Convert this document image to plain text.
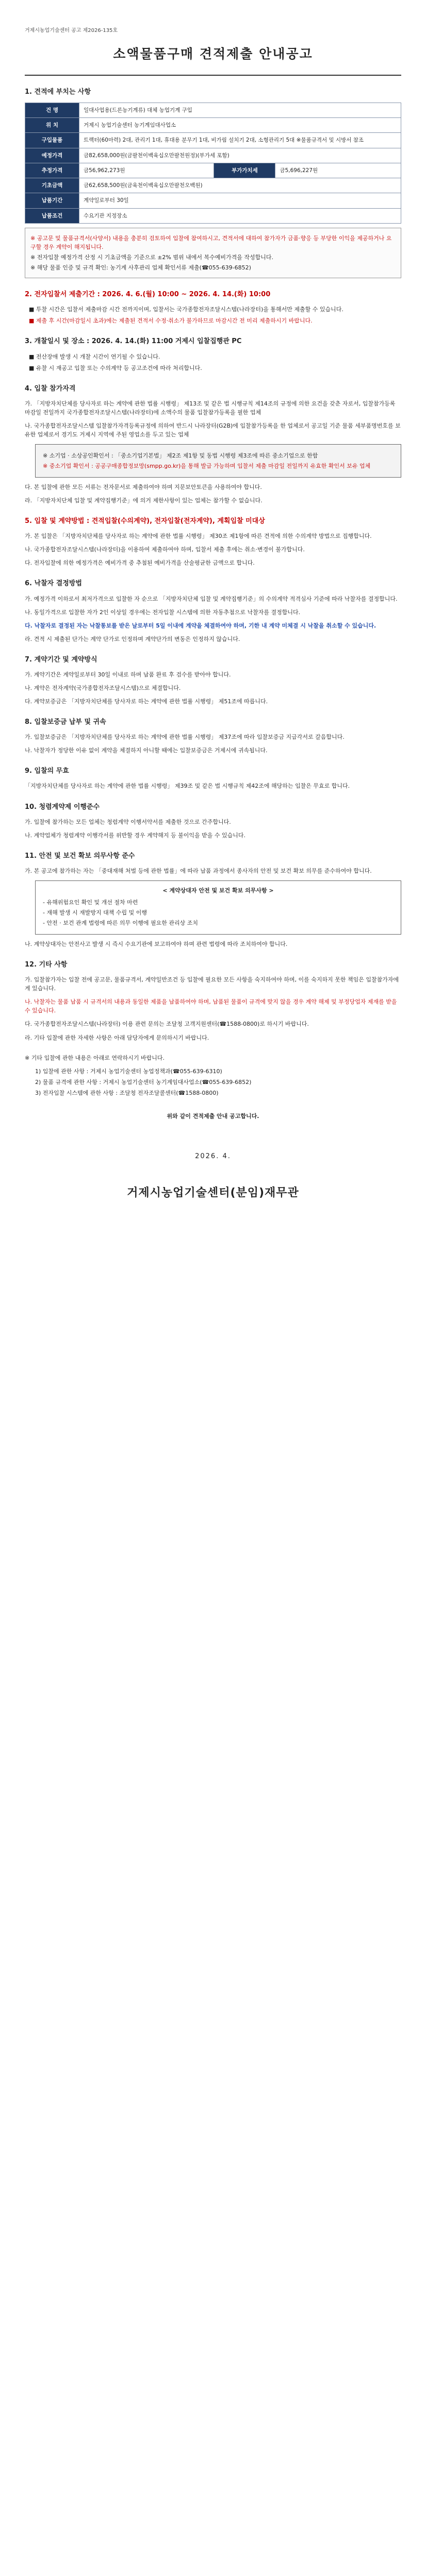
거제시농업기술센터 공고 제2026-135호
소액물품구매 견적제출 안내공고
1. 견적에 부치는 사항
건 명	일대사업용(드론농기계류) 대체 농업기계 구입		
위 치	거제시 농업기술센터 농기계임대사업소		
구입물품	트랙터(60마력) 2대, 관리기 1대, 휴대용 분무기 1대, 비가림 설치기 2대, 소형관리기 5대 ※물품규격서 및 시방서 참조		
예정가격	금82,658,000원(금팔천이백육십오만팔천원정)(부가세 포함)		
추정가격	금56,962,273원	부가가치세	금5,696,227원
기초금액	금62,658,500원(금육천이백육십오만팔천오백원)		
납품기간	계약일로부터 30일		
납품조건	수요기관 지정장소		
※ 공고문 및 물품규격서(사양서) 내용을 충분히 검토하여 입찰에 참여하시고, 견적서에 대하여 참가자가 금품·향응 등 부당한 이익을 제공하거나 요구할 경우 계약이 해지됩니다.
※ 전자입찰 예정가격 산정 시 기초금액을 기준으로 ±2% 범위 내에서 복수예비가격을 작성합니다.
※ 해당 물품 인증 및 규격 확인: 농기계 사후관리 업체 확인서류 제출(☎055-639-6852)
2. 전자입찰서 제출기간 : 2026. 4. 6.(월) 10:00 ~ 2026. 4. 14.(화) 10:00
■ 투찰 시간은 입찰서 제출마감 시간 전까지이며, 입찰서는 국가종합전자조달시스템(나라장터)을 통해서만 제출할 수 있습니다.
■ 제출 후 시간(마감일시 초과)에는 제출된 견적서 수정·취소가 불가하므로 마감시간 전 미리 제출하시기 바랍니다.
3. 개찰일시 및 장소 : 2026. 4. 14.(화) 11:00 거제시 입찰집행관 PC
■ 전산장애 발생 시 개찰 시간이 연기될 수 있습니다.
■ 유찰 시 재공고 입찰 또는 수의계약 등 공고조건에 따라 처리합니다.
4. 입찰 참가자격
가. 「지방자치단체를 당사자로 하는 계약에 관한 법률 시행령」 제13조 및 같은 법 시행규칙 제14조의 규정에 의한 요건을 갖춘 자로서, 입찰참가등록 마감일 전일까지 국가종합전자조달시스템(나라장터)에 소액수의 물품 입찰참가등록을 필한 업체
나. 국가종합전자조달시스템 입찰참가자격등록규정에 의하여 반드시 나라장터(G2B)에 입찰참가등록을 한 업체로서 공고일 기준 물품 세부품명번호를 보유한 업체로서 경기도 거제시 지역에 주된 영업소를 두고 있는 업체
※ 소기업 · 소상공인확인서 : 「중소기업기본법」 제2조 제1항 및 동법 시행령 제3조에 따른 중소기업으로 한함
※ 중소기업 확인서 : 공공구매종합정보망(smpp.go.kr)을 통해 발급 가능하며 입찰서 제출 마감일 전일까지 유효한 확인서 보유 업체
다. 본 입찰에 관한 모든 서류는 전자문서로 제출하여야 하며 지문보안토큰을 사용하여야 합니다.
라. 「지방자치단체 입찰 및 계약집행기준」에 의거 제한사항이 있는 업체는 참가할 수 없습니다.
5. 입찰 및 계약방법 : 견적입찰(수의계약), 전자입찰(전자계약), 계획입찰 미대상
가. 본 입찰은 「지방자치단체를 당사자로 하는 계약에 관한 법률 시행령」 제30조 제1항에 따른 견적에 의한 수의계약 방법으로 집행합니다.
나. 국가종합전자조달시스템(나라장터)을 이용하여 제출하여야 하며, 입찰서 제출 후에는 취소·변경이 불가합니다.
다. 전자입찰에 의한 예정가격은 예비가격 중 추첨된 예비가격을 산술평균한 금액으로 합니다.
6. 낙찰자 결정방법
가. 예정가격 이하로서 최저가격으로 입찰한 자 순으로 「지방자치단체 입찰 및 계약집행기준」의 수의계약 적격심사 기준에 따라 낙찰자를 결정합니다.
나. 동일가격으로 입찰한 자가 2인 이상일 경우에는 전자입찰 시스템에 의한 자동추첨으로 낙찰자를 결정합니다.
다. 낙찰자로 결정된 자는 낙찰통보를 받은 날로부터 5일 이내에 계약을 체결하여야 하며, 기한 내 계약 미체결 시 낙찰을 취소할 수 있습니다.
라. 견적 시 제출된 단가는 계약 단가로 인정하며 계약단가의 변동은 인정하지 않습니다.
7. 계약기간 및 계약방식
가. 계약기간은 계약일로부터 30일 이내로 하며 납품 완료 후 검수를 받아야 합니다.
나. 계약은 전자계약(국가종합전자조달시스템)으로 체결합니다.
다. 계약보증금은 「지방자치단체를 당사자로 하는 계약에 관한 법률 시행령」 제51조에 따릅니다.
8. 입찰보증금 납부 및 귀속
가. 입찰보증금은 「지방자치단체를 당사자로 하는 계약에 관한 법률 시행령」 제37조에 따라 입찰보증금 지급각서로 갈음합니다.
나. 낙찰자가 정당한 이유 없이 계약을 체결하지 아니할 때에는 입찰보증금은 거제시에 귀속됩니다.
9. 입찰의 무효
「지방자치단체를 당사자로 하는 계약에 관한 법률 시행령」 제39조 및 같은 법 시행규칙 제42조에 해당하는 입찰은 무효로 합니다.
10. 청렴계약제 이행준수
가. 입찰에 참가하는 모든 업체는 청렴계약 이행서약서를 제출한 것으로 간주합니다.
나. 계약업체가 청렴계약 이행각서를 위반할 경우 계약해지 등 불이익을 받을 수 있습니다.
11. 안전 및 보건 확보 의무사항 준수
가. 본 공고에 참가하는 자는 「중대재해 처벌 등에 관한 법률」에 따라 납품 과정에서 종사자의 안전 및 보건 확보 의무를 준수하여야 합니다.
< 계약상대자 안전 및 보건 확보 의무사항 >
- 유해위험요인 확인 및 개선 절차 마련
- 재해 발생 시 재발방지 대책 수립 및 이행
- 안전 · 보건 관계 법령에 따른 의무 이행에 필요한 관리상 조치
나. 계약상대자는 안전사고 발생 시 즉시 수요기관에 보고하여야 하며 관련 법령에 따라 조치하여야 합니다.
12. 기타 사항
가. 입찰참가자는 입찰 전에 공고문, 물품규격서, 계약일반조건 등 입찰에 필요한 모든 사항을 숙지하여야 하며, 이를 숙지하지 못한 책임은 입찰참가자에게 있습니다.
나. 낙찰자는 물품 납품 시 규격서의 내용과 동일한 제품을 납품하여야 하며, 납품된 물품이 규격에 맞지 않을 경우 계약 해제 및 부정당업자 제재를 받을 수 있습니다.
다. 국가종합전자조달시스템(나라장터) 이용 관련 문의는 조달청 고객지원센터(☎1588-0800)로 하시기 바랍니다.
라. 기타 입찰에 관한 자세한 사항은 아래 담당자에게 문의하시기 바랍니다.
※ 기타 입찰에 관한 내용은 아래로 연락하시기 바랍니다.
1) 입찰에 관한 사항 : 거제시 농업기술센터 농업정책과(☎055-639-6310)
2) 물품 규격에 관한 사항 : 거제시 농업기술센터 농기계임대사업소(☎055-639-6852)
3) 전자입찰 시스템에 관한 사항 : 조달청 전자조달콜센터(☎1588-0800)
위와 같이 견적제출 안내 공고합니다.
2026. 4.
거제시농업기술센터(분임)재무관
